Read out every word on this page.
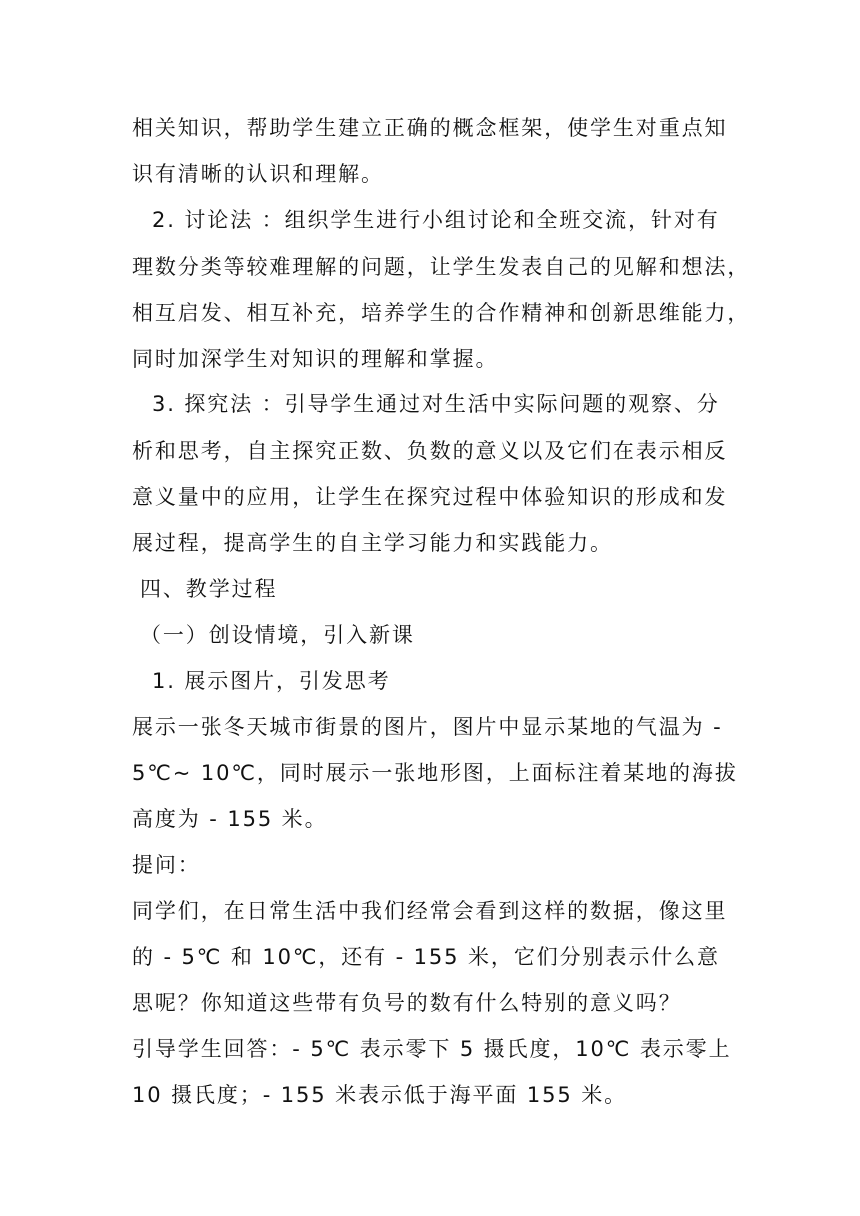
相关知识，帮助学生建立正确的概念框架，使学生对重点知
识有清晰的认识和理解。
2. 讨论法 ：组织学生进行小组讨论和全班交流，针对有
理数分类等较难理解的问题，让学生发表自己的见解和想法，
相互启发、相互补充，培养学生的合作精神和创新思维能力，
同时加深学生对知识的理解和掌握。
3. 探究法 ：引导学生通过对生活中实际问题的观察、分
析和思考，自主探究正数、负数的意义以及它们在表示相反
意义量中的应用，让学生在探究过程中体验知识的形成和发
展过程，提高学生的自主学习能力和实践能力。
四、教学过程
（一）创设情境，引入新课
1. 展示图片，引发思考
展示一张冬天城市街景的图片，图片中显示某地的气温为 -
5℃~ 10℃，同时展示一张地形图，上面标注着某地的海拔
高度为 - 155 米。
提问：
同学们，在日常生活中我们经常会看到这样的数据，像这里
的 - 5℃ 和 10℃，还有 - 155 米，它们分别表示什么意
思呢？你知道这些带有负号的数有什么特别的意义吗？
引导学生回答：- 5℃ 表示零下 5 摄氏度，10℃ 表示零上
10 摄氏度；- 155 米表示低于海平面 155 米。
